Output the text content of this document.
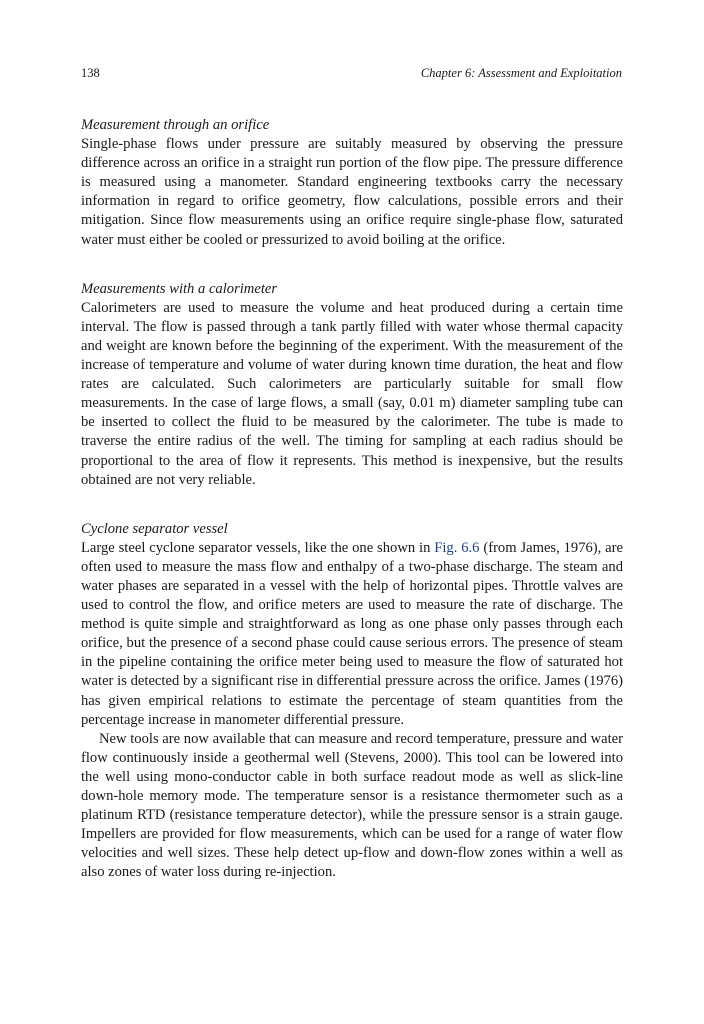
138	Chapter 6: Assessment and Exploitation
Measurement through an orifice

Single-phase flows under pressure are suitably measured by observing the pressure difference across an orifice in a straight run portion of the flow pipe. The pressure difference is measured using a manometer. Standard engineering textbooks carry the necessary information in regard to orifice geometry, flow calculations, possible errors and their mitigation. Since flow measurements using an orifice require single-phase flow, saturated water must either be cooled or pressurized to avoid boiling at the orifice.

Measurements with a calorimeter

Calorimeters are used to measure the volume and heat produced during a certain time interval. The flow is passed through a tank partly filled with water whose thermal capacity and weight are known before the beginning of the experiment. With the measurement of the increase of temperature and volume of water during known time duration, the heat and flow rates are calculated. Such calorimeters are particularly suitable for small flow measurements. In the case of large flows, a small (say, 0.01 m) diameter sampling tube can be inserted to collect the fluid to be measured by the calorimeter. The tube is made to traverse the entire radius of the well. The timing for sampling at each radius should be proportional to the area of flow it represents. This method is inexpensive, but the results obtained are not very reliable.

Cyclone separator vessel

Large steel cyclone separator vessels, like the one shown in Fig. 6.6 (from James, 1976), are often used to measure the mass flow and enthalpy of a two-phase discharge. The steam and water phases are separated in a vessel with the help of horizontal pipes. Throttle valves are used to control the flow, and orifice meters are used to measure the rate of discharge. The method is quite simple and straightforward as long as one phase only passes through each orifice, but the presence of a second phase could cause serious errors. The presence of steam in the pipeline containing the orifice meter being used to measure the flow of saturated hot water is detected by a significant rise in differential pressure across the orifice. James (1976) has given empirical relations to estimate the percentage of steam quantities from the percentage increase in manometer differential pressure.

New tools are now available that can measure and record temperature, pressure and water flow continuously inside a geothermal well (Stevens, 2000). This tool can be lowered into the well using mono-conductor cable in both surface readout mode as well as slick-line down-hole memory mode. The temperature sensor is a resistance thermometer such as a platinum RTD (resistance temperature detector), while the pressure sensor is a strain gauge. Impellers are provided for flow measurements, which can be used for a range of water flow velocities and well sizes. These help detect up-flow and down-flow zones within a well as also zones of water loss during re-injection.
